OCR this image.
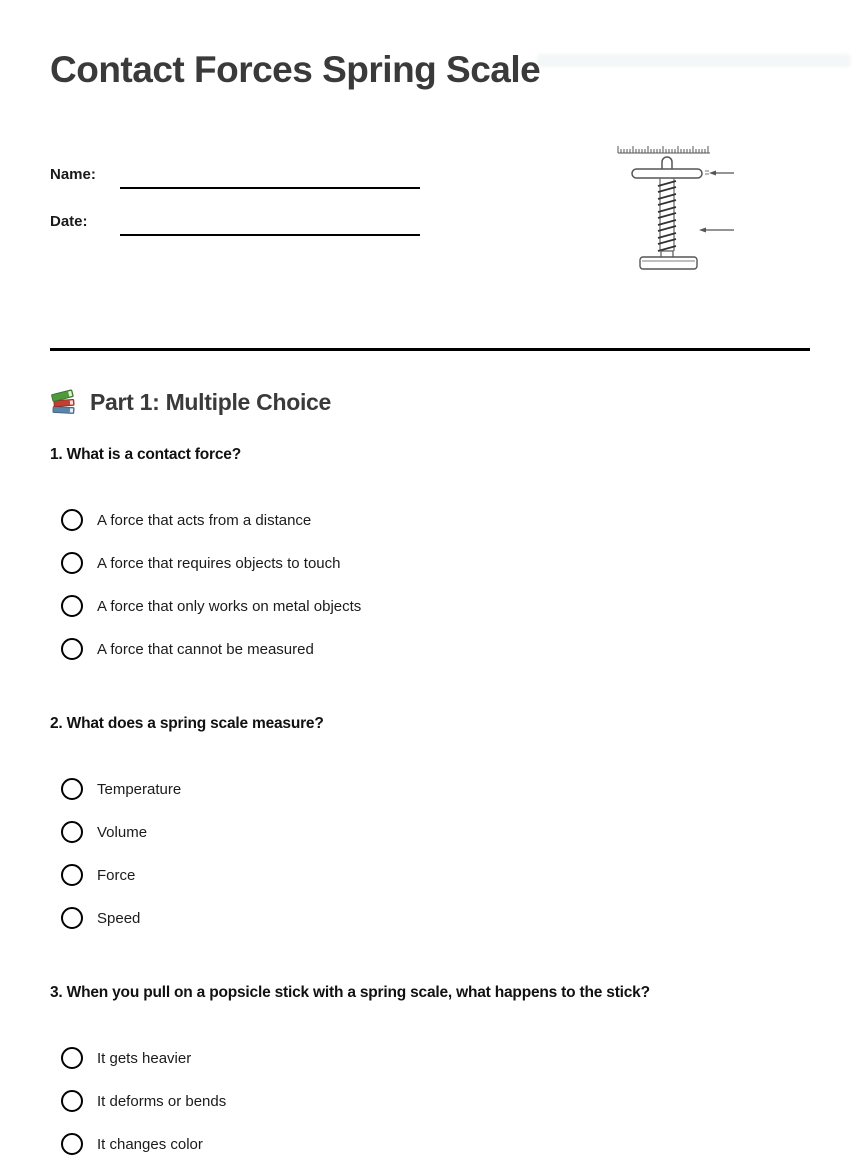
Contact Forces Spring Scale
Name:
Date:
Part 1: Multiple Choice
1. What is a contact force?
A force that acts from a distance
A force that requires objects to touch
A force that only works on metal objects
A force that cannot be measured
2. What does a spring scale measure?
Temperature
Volume
Force
Speed
3. When you pull on a popsicle stick with a spring scale, what happens to the stick?
It gets heavier
It deforms or bends
It changes color
